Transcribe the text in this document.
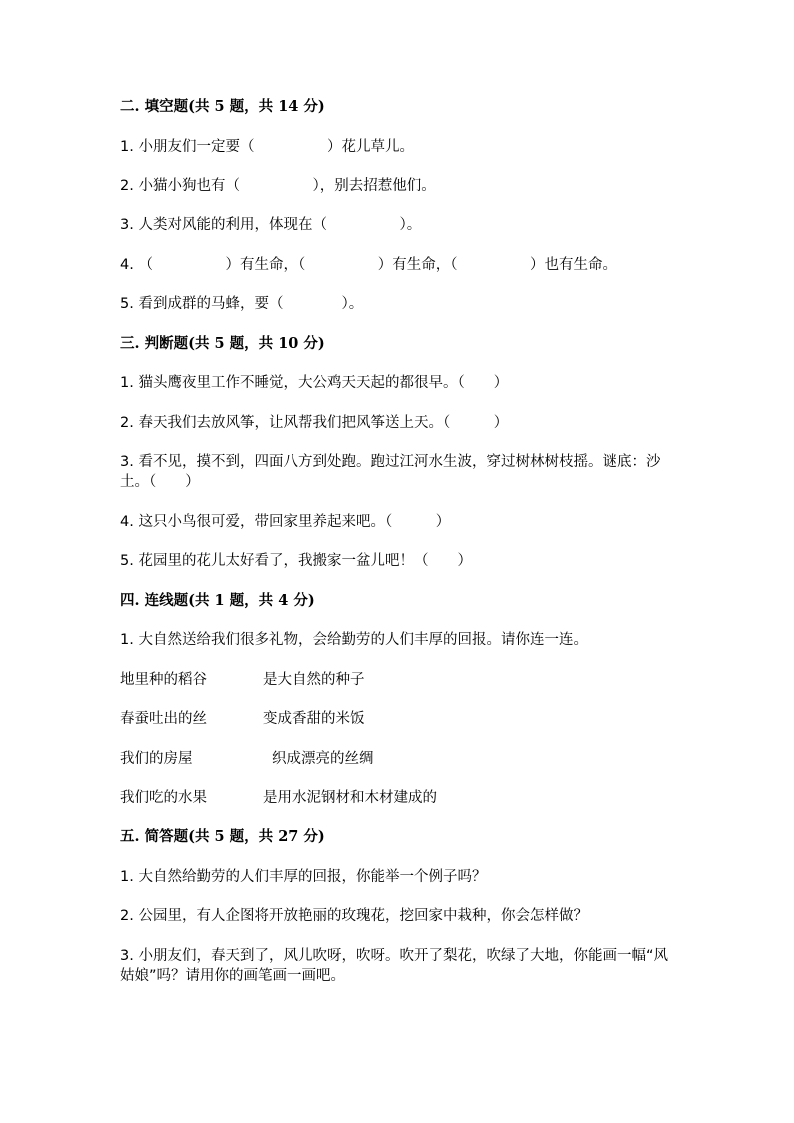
二. 填空题(共 5 题，共 14 分)
1. 小朋友们一定要（　　　　　）花儿草儿。
2. 小猫小狗也有（　　　　　），别去招惹他们。
3. 人类对风能的利用，体现在（　　　　　）。
4. （　　　　　）有生命，（　　　　　）有生命，（　　　　　）也有生命。
5. 看到成群的马蜂，要（　　　　）。
三. 判断题(共 5 题，共 10 分)
1. 猫头鹰夜里工作不睡觉，大公鸡天天起的都很早。（　　）
2. 春天我们去放风筝，让风帮我们把风筝送上天。（　　　）
3. 看不见，摸不到，四面八方到处跑。跑过江河水生波，穿过树林树枝摇。谜底：沙土。（　　）
4. 这只小鸟很可爱，带回家里养起来吧。（　　　）
5. 花园里的花儿太好看了，我搬家一盆儿吧！（　　）
四. 连线题(共 1 题，共 4 分)
1. 大自然送给我们很多礼物，会给勤劳的人们丰厚的回报。请你连一连。
地里种的稻谷	是大自然的种子
春蚕吐出的丝	变成香甜的米饭
我们的房屋	织成漂亮的丝绸
我们吃的水果	是用水泥钢材和木材建成的
五. 简答题(共 5 题，共 27 分)
1. 大自然给勤劳的人们丰厚的回报，你能举一个例子吗？
2. 公园里，有人企图将开放艳丽的玫瑰花，挖回家中栽种，你会怎样做？
3. 小朋友们，春天到了，风儿吹呀，吹呀。吹开了梨花，吹绿了大地，你能画一幅“风姑娘”吗？请用你的画笔画一画吧。
